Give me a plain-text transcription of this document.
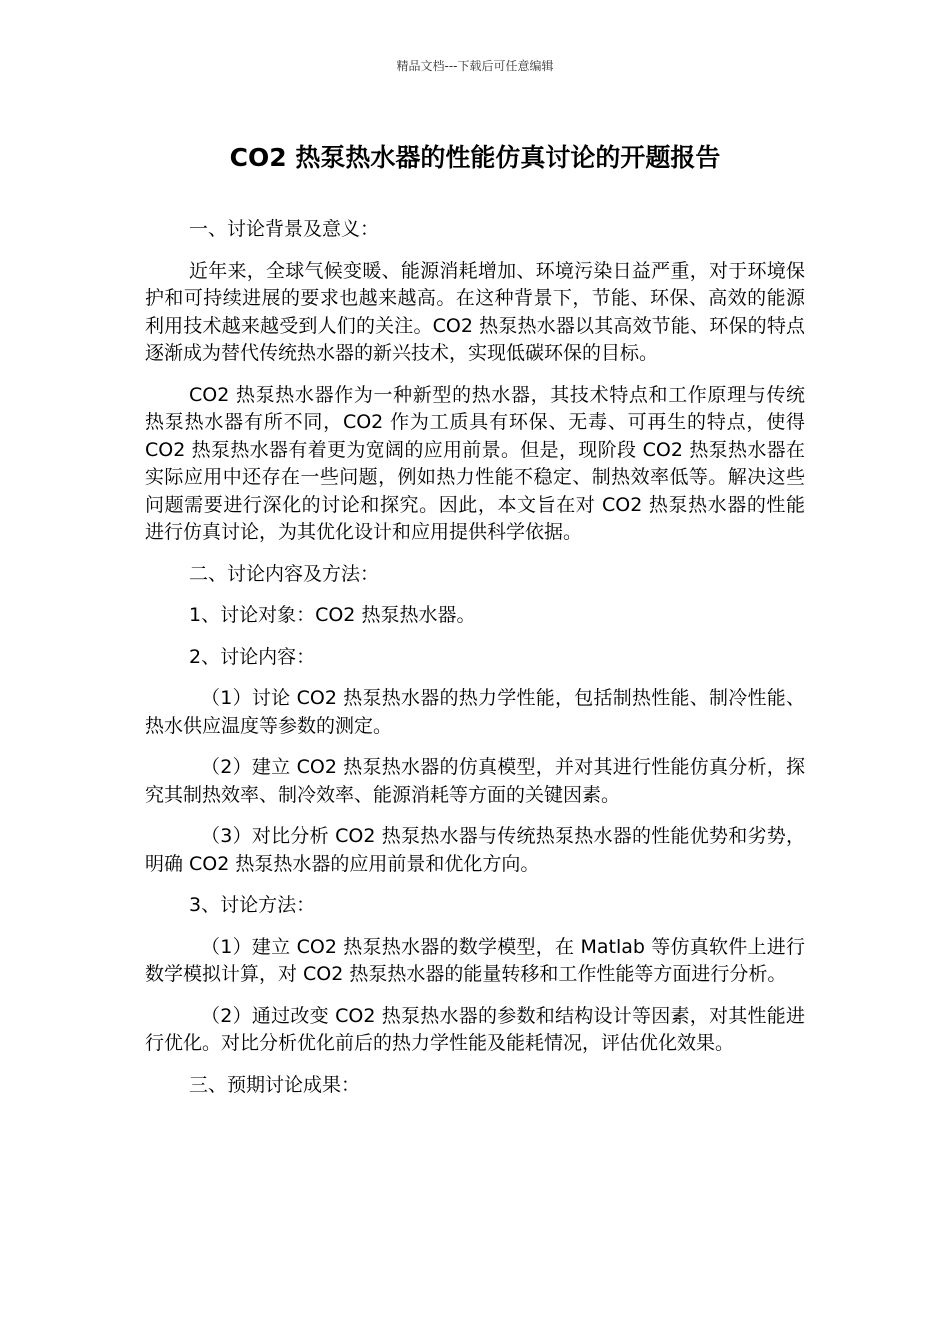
精品文档---下载后可任意编辑
CO2 热泵热水器的性能仿真讨论的开题报告

一、讨论背景及意义：

近年来，全球气候变暖、能源消耗增加、环境污染日益严重，对于环境保护和可持续进展的要求也越来越高。在这种背景下，节能、环保、高效的能源利用技术越来越受到人们的关注。CO2 热泵热水器以其高效节能、环保的特点逐渐成为替代传统热水器的新兴技术，实现低碳环保的目标。

CO2 热泵热水器作为一种新型的热水器，其技术特点和工作原理与传统热泵热水器有所不同，CO2 作为工质具有环保、无毒、可再生的特点，使得 CO2 热泵热水器有着更为宽阔的应用前景。但是，现阶段 CO2 热泵热水器在实际应用中还存在一些问题，例如热力性能不稳定、制热效率低等。解决这些问题需要进行深化的讨论和探究。因此，本文旨在对 CO2 热泵热水器的性能进行仿真讨论，为其优化设计和应用提供科学依据。

二、讨论内容及方法：

1、讨论对象：CO2 热泵热水器。

2、讨论内容：

（1）讨论 CO2 热泵热水器的热力学性能，包括制热性能、制冷性能、热水供应温度等参数的测定。

（2）建立 CO2 热泵热水器的仿真模型，并对其进行性能仿真分析，探究其制热效率、制冷效率、能源消耗等方面的关键因素。

（3）对比分析 CO2 热泵热水器与传统热泵热水器的性能优势和劣势，明确 CO2 热泵热水器的应用前景和优化方向。

3、讨论方法：

（1）建立 CO2 热泵热水器的数学模型，在 Matlab 等仿真软件上进行数学模拟计算，对 CO2 热泵热水器的能量转移和工作性能等方面进行分析。

（2）通过改变 CO2 热泵热水器的参数和结构设计等因素，对其性能进行优化。对比分析优化前后的热力学性能及能耗情况，评估优化效果。

三、预期讨论成果：
